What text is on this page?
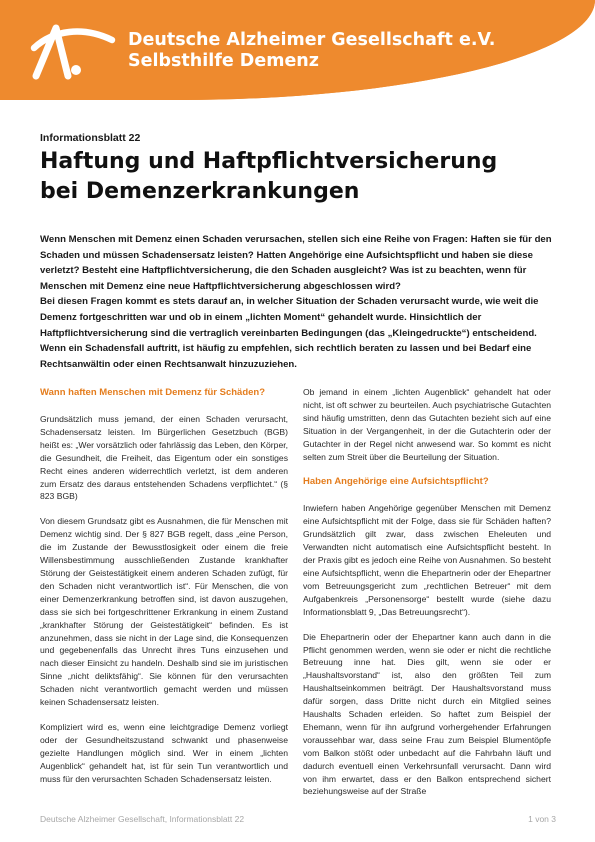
Deutsche Alzheimer Gesellschaft e.V.
Selbsthilfe Demenz
Informationsblatt 22
Haftung und Haftpflichtversicherung
bei Demenzerkrankungen

Wenn Menschen mit Demenz einen Schaden verursachen, stellen sich eine Reihe von Fragen: Haften sie für den Schaden und müssen Schadensersatz leisten? Hatten Angehörige eine Aufsichtspflicht und haben sie diese verletzt? Besteht eine Haftpflichtversicherung, die den Schaden ausgleicht? Was ist zu beachten, wenn für Menschen mit Demenz eine neue Haftpflichtversicherung abgeschlossen wird?

Bei diesen Fragen kommt es stets darauf an, in welcher Situation der Schaden verursacht wurde, wie weit die Demenz fortgeschritten war und ob in einem „lichten Moment“ gehandelt wurde. Hinsichtlich der Haftpflichtversicherung sind die vertraglich vereinbarten Bedingungen (das „Kleingedruckte“) entscheidend. Wenn ein Schadensfall auftritt, ist häufig zu empfehlen, sich rechtlich beraten zu lassen und bei Bedarf eine Rechtsanwältin oder einen Rechtsanwalt hinzuzuziehen.

Wann haften Menschen mit Demenz für Schäden?

Grundsätzlich muss jemand, der einen Schaden verursacht, Schadensersatz leisten. Im Bürgerlichen Gesetzbuch (BGB) heißt es: „Wer vorsätzlich oder fahrlässig das Leben, den Körper, die Gesundheit, die Freiheit, das Eigentum oder ein sonstiges Recht eines anderen widerrechtlich verletzt, ist dem anderen zum Ersatz des daraus entstehenden Schadens verpflichtet.“ (§ 823 BGB)

Von diesem Grundsatz gibt es Ausnahmen, die für Menschen mit Demenz wichtig sind. Der § 827 BGB regelt, dass „eine Person, die im Zustande der Bewusstlosigkeit oder einem die freie Willensbestimmung ausschließenden Zustande krankhafter Störung der Geistestätigkeit einem anderen Schaden zufügt, für den Schaden nicht verantwortlich ist“. Für Menschen, die von einer Demenzerkrankung betroffen sind, ist davon auszugehen, dass sie sich bei fortgeschrittener Erkrankung in einem Zustand „krankhafter Störung der Geistestätigkeit“ befinden. Es ist anzunehmen, dass sie nicht in der Lage sind, die Konsequenzen und gegebenenfalls das Unrecht ihres Tuns einzusehen und nach dieser Einsicht zu handeln. Deshalb sind sie im juristischen Sinne „nicht deliktsfähig“. Sie können für den verursachten Schaden nicht verantwortlich gemacht werden und müssen keinen Schadensersatz leisten.

Kompliziert wird es, wenn eine leichtgradige Demenz vorliegt oder der Gesundheitszustand schwankt und phasenweise gezielte Handlungen möglich sind. Wer in einem „lichten Augenblick“ gehandelt hat, ist für sein Tun verantwortlich und muss für den verursachten Schaden Schadensersatz leisten.

Ob jemand in einem „lichten Augenblick“ gehandelt hat oder nicht, ist oft schwer zu beurteilen. Auch psychiatrische Gutachten sind häufig umstritten, denn das Gutachten bezieht sich auf eine Situation in der Vergangenheit, in der die Gutachterin oder der Gutachter in der Regel nicht anwesend war. So kommt es nicht selten zum Streit über die Beurteilung der Situation.

Haben Angehörige eine Aufsichtspflicht?

Inwiefern haben Angehörige gegenüber Menschen mit Demenz eine Aufsichtspflicht mit der Folge, dass sie für Schäden haften? Grundsätzlich gilt zwar, dass zwischen Eheleuten und Verwandten nicht automatisch eine Aufsichtspflicht besteht. In der Praxis gibt es jedoch eine Reihe von Ausnahmen. So besteht eine Aufsichtspflicht, wenn die Ehepartnerin oder der Ehepartner vom Betreuungsgericht zum „rechtlichen Betreuer“ mit dem Aufgabenkreis „Personensorge“ bestellt wurde (siehe dazu Informationsblatt 9, „Das Betreuungsrecht“).

Die Ehepartnerin oder der Ehepartner kann auch dann in die Pflicht genommen werden, wenn sie oder er nicht die rechtliche Betreuung inne hat. Dies gilt, wenn sie oder er „Haushaltsvorstand“ ist, also den größten Teil zum Haushaltseinkommen beiträgt. Der Haushaltsvorstand muss dafür sorgen, dass Dritte nicht durch ein Mitglied seines Haushalts Schaden erleiden. So haftet zum Beispiel der Ehemann, wenn für ihn aufgrund vorhergehender Erfahrungen voraussehbar war, dass seine Frau zum Beispiel Blumentöpfe vom Balkon stößt oder unbedacht auf die Fahrbahn läuft und dadurch eventuell einen Verkehrsunfall verursacht. Dann wird von ihm erwartet, dass er den Balkon entsprechend sichert beziehungsweise auf der Straße

Deutsche Alzheimer Gesellschaft, Informationsblatt 22	1 von 3
